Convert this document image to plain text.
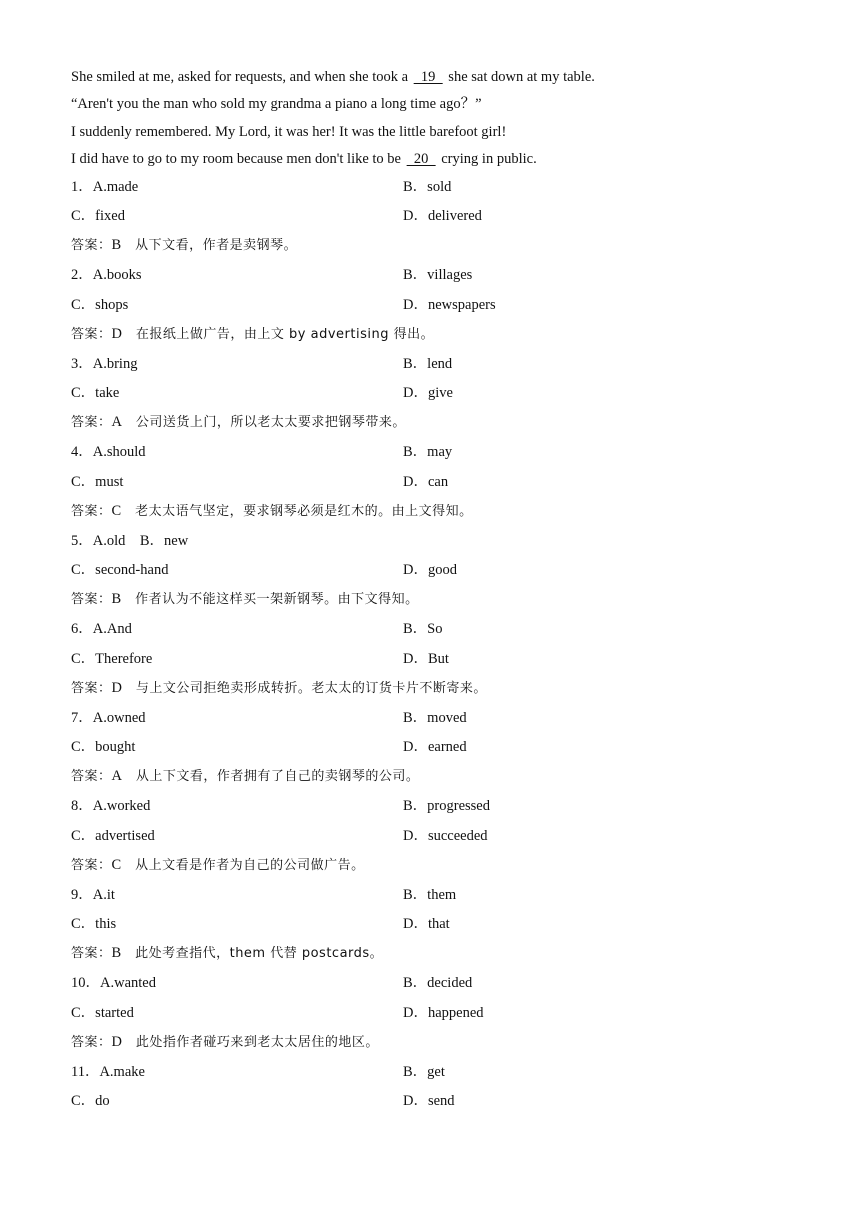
She smiled at me, asked for requests, and when she took a   19   she sat down at my table.
“Aren't you the man who sold my grandma a piano a long time ago？”
I suddenly remembered. My Lord, it was her! It was the little barefoot girl!
I did have to go to my room because men don't like to be   20   crying in public.
1．A.made	B．sold
C．fixed	D．delivered
答案：B 从下文看，作者是卖钢琴。
2．A.books	B．villages
C．shops	D．newspapers
答案：D 在报纸上做广告，由上文 by advertising 得出。
3．A.bring	B．lend
C．take	D．give
答案：A 公司送货上门，所以老太太要求把钢琴带来。
4．A.should	B．may
C．must	D．can
答案：C 老太太语气坚定，要求钢琴必须是红木的。由上文得知。
5．A.old　B．new
C．second-hand	D．good
答案：B 作者认为不能这样买一架新钢琴。由下文得知。
6．A.And	B．So
C．Therefore	D．But
答案：D 与上文公司拒绝卖形成转折。老太太的订货卡片不断寄来。
7．A.owned	B．moved
C．bought	D．earned
答案：A 从上下文看，作者拥有了自己的卖钢琴的公司。
8．A.worked	B．progressed
C．advertised	D．succeeded
答案：C 从上文看是作者为自己的公司做广告。
9．A.it	B．them
C．this	D．that
答案：B 此处考查指代，them 代替 postcards。
10．A.wanted	B．decided
C．started	D．happened
答案：D 此处指作者碰巧来到老太太居住的地区。
11．A.make	B．get
C．do	D．send
